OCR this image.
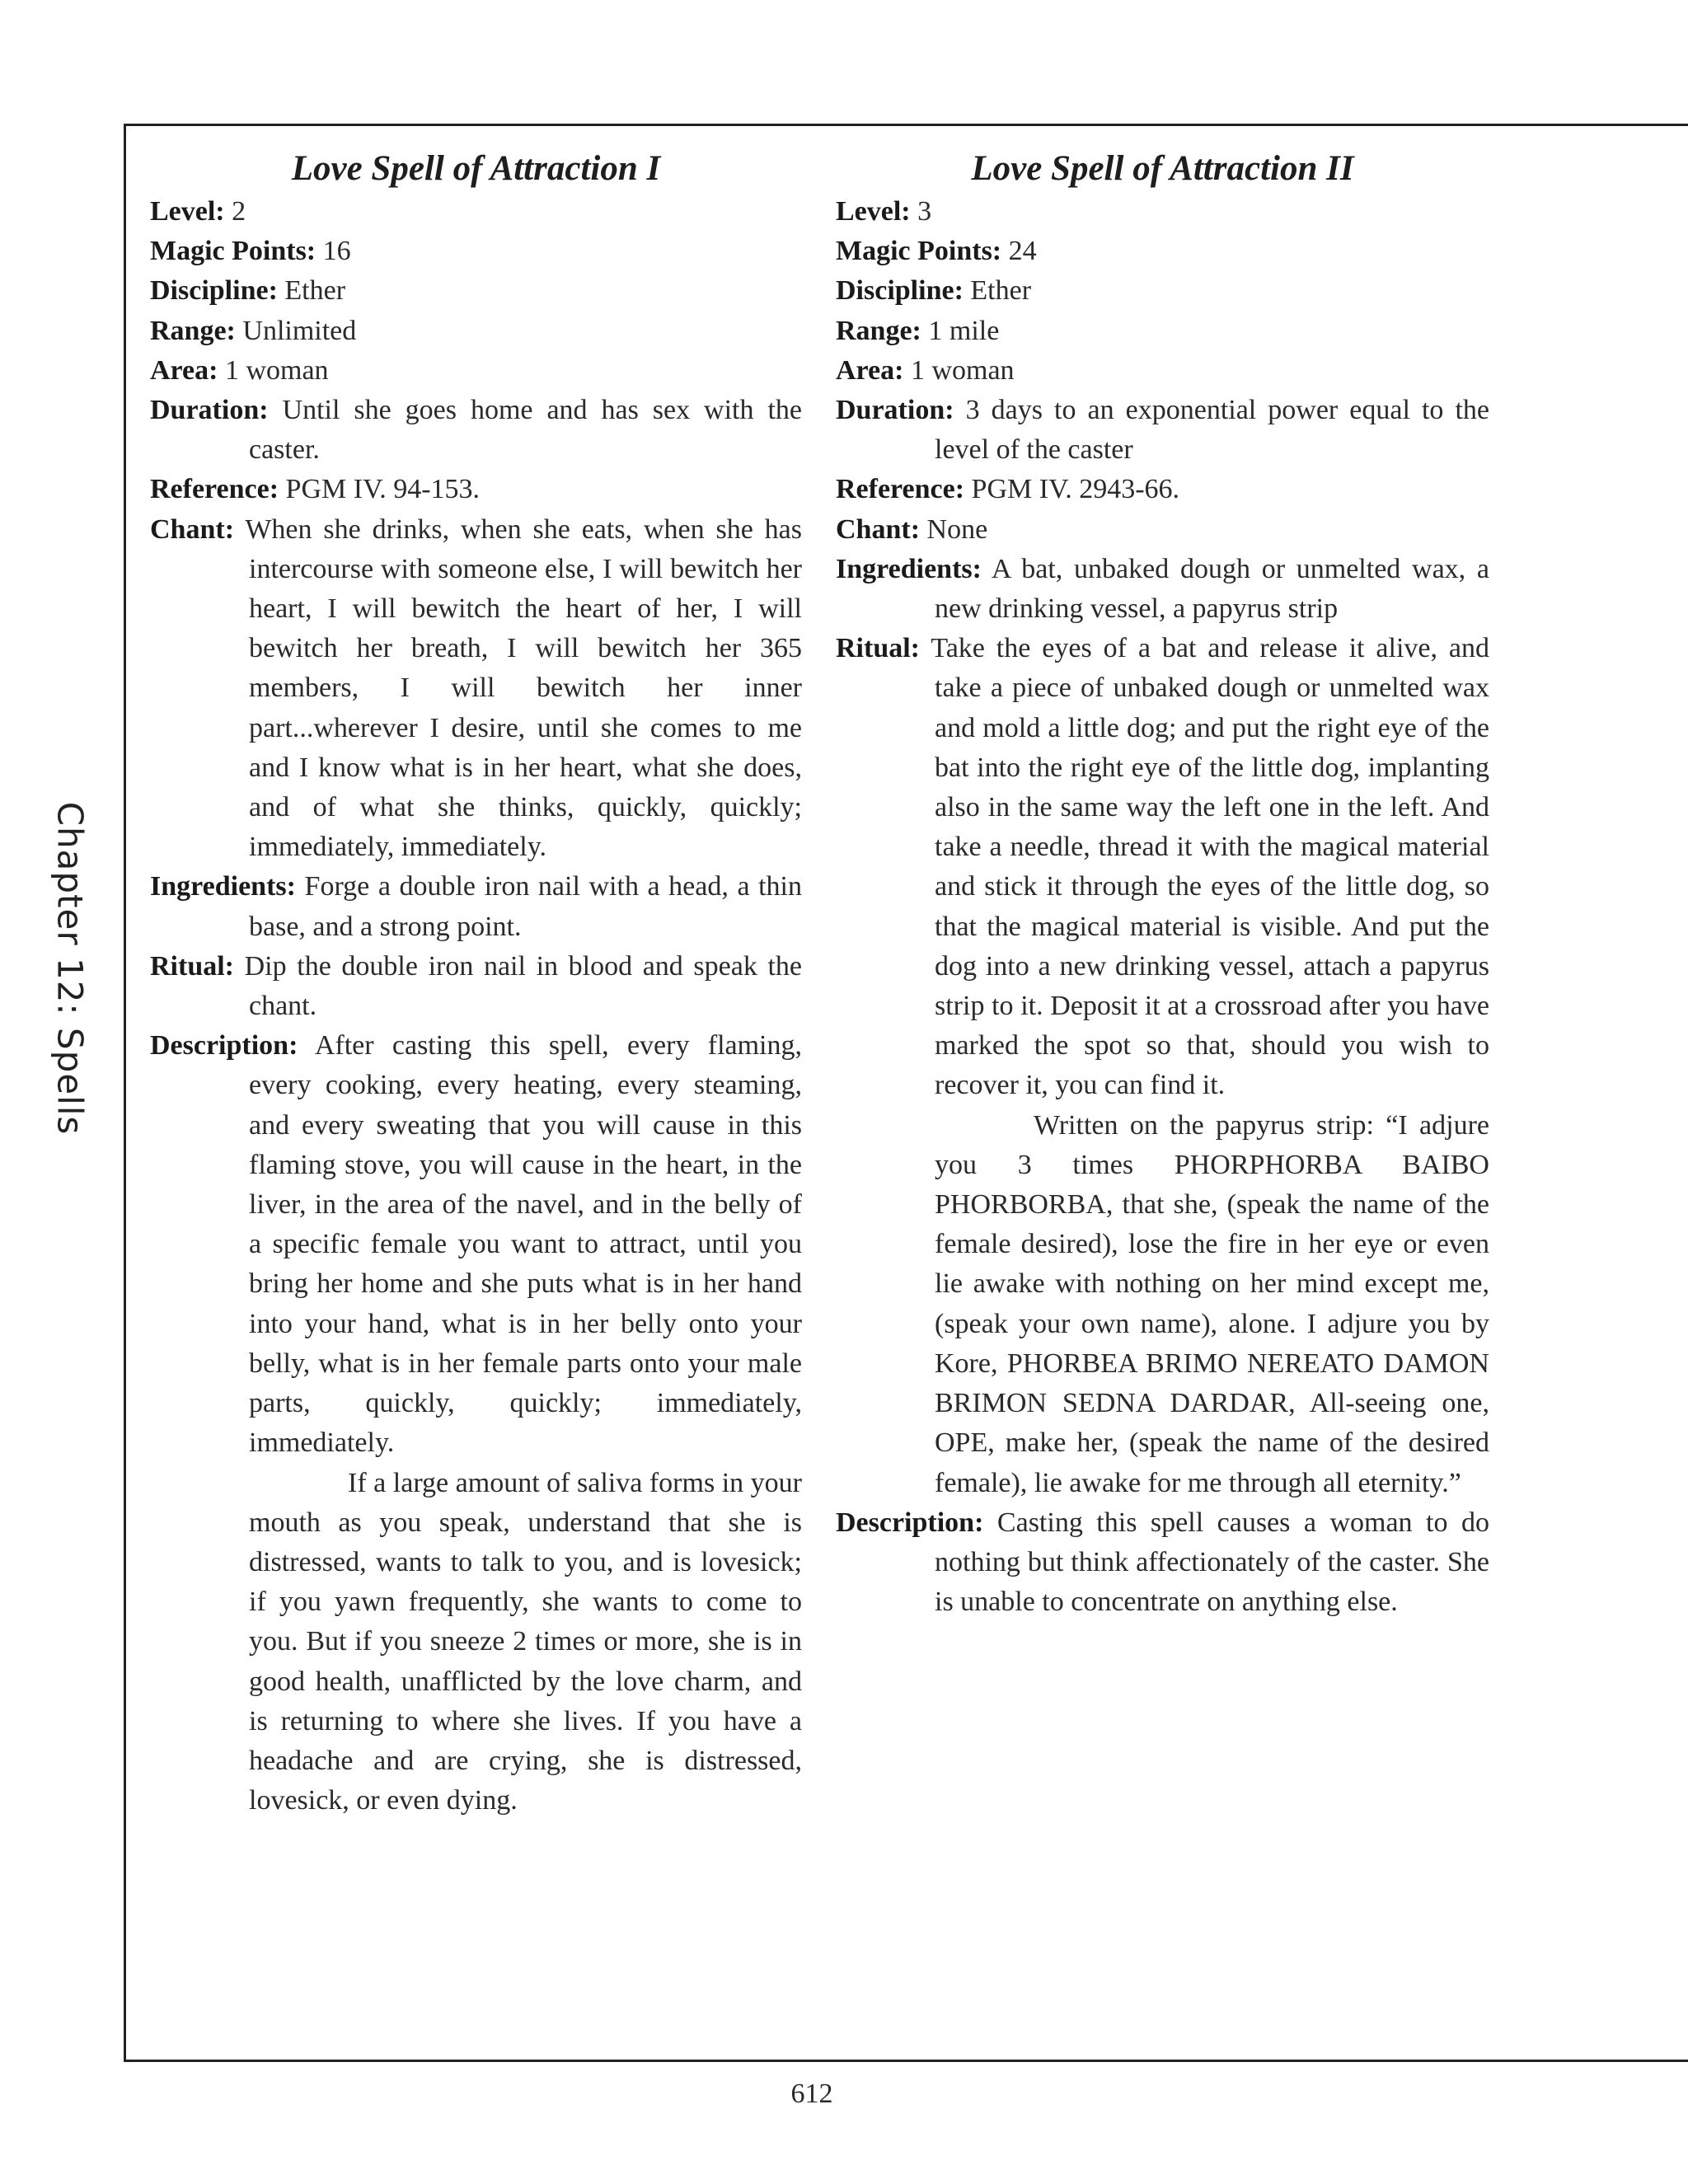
Chapter 12: Spells

Love Spell of Attraction I

Level: 2

Magic Points: 16

Discipline: Ether

Range: Unlimited

Area: 1 woman

Duration: Until she goes home and has sex with the caster.

Reference: PGM IV. 94-153.

Chant: When she drinks, when she eats, when she has intercourse with someone else, I will bewitch her heart, I will bewitch the heart of her, I will bewitch her breath, I will bewitch her 365 members, I will bewitch her inner part...wherever I desire, until she comes to me and I know what is in her heart, what she does, and of what she thinks, quickly, quickly; immediately, immediately.

Ingredients: Forge a double iron nail with a head, a thin base, and a strong point.

Ritual: Dip the double iron nail in blood and speak the chant.

Description: After casting this spell, every flaming, every cooking, every heating, every steaming, and every sweating that you will cause in this flaming stove, you will cause in the heart, in the liver, in the area of the navel, and in the belly of a specific female you want to attract, until you bring her home and she puts what is in her hand into your hand, what is in her belly onto your belly, what is in her female parts onto your male parts, quickly, quickly; immediately, immediately.

If a large amount of saliva forms in your mouth as you speak, understand that she is distressed, wants to talk to you, and is lovesick; if you yawn frequently, she wants to come to you. But if you sneeze 2 times or more, she is in good health, unafflicted by the love charm, and is returning to where she lives. If you have a headache and are crying, she is distressed, lovesick, or even dying.

Love Spell of Attraction II

Level: 3

Magic Points: 24

Discipline: Ether

Range: 1 mile

Area: 1 woman

Duration: 3 days to an exponential power equal to the level of the caster

Reference: PGM IV. 2943-66.

Chant: None

Ingredients: A bat, unbaked dough or unmelted wax, a new drinking vessel, a papyrus strip

Ritual: Take the eyes of a bat and release it alive, and take a piece of unbaked dough or unmelted wax and mold a little dog; and put the right eye of the bat into the right eye of the little dog, implanting also in the same way the left one in the left. And take a needle, thread it with the magical material and stick it through the eyes of the little dog, so that the magical material is visible. And put the dog into a new drinking vessel, attach a papyrus strip to it. Deposit it at a crossroad after you have marked the spot so that, should you wish to recover it, you can find it.

Written on the papyrus strip: “I adjure you 3 times PHORPHORBA BAIBO PHORBORBA, that she, (speak the name of the female desired), lose the fire in her eye or even lie awake with nothing on her mind except me, (speak your own name), alone. I adjure you by Kore, PHORBEA BRIMO NEREATO DAMON BRIMON SEDNA DARDAR, All-seeing one, OPE, make her, (speak the name of the desired female), lie awake for me through all eternity.”

Description: Casting this spell causes a woman to do nothing but think affectionately of the caster. She is unable to concentrate on anything else.

612
